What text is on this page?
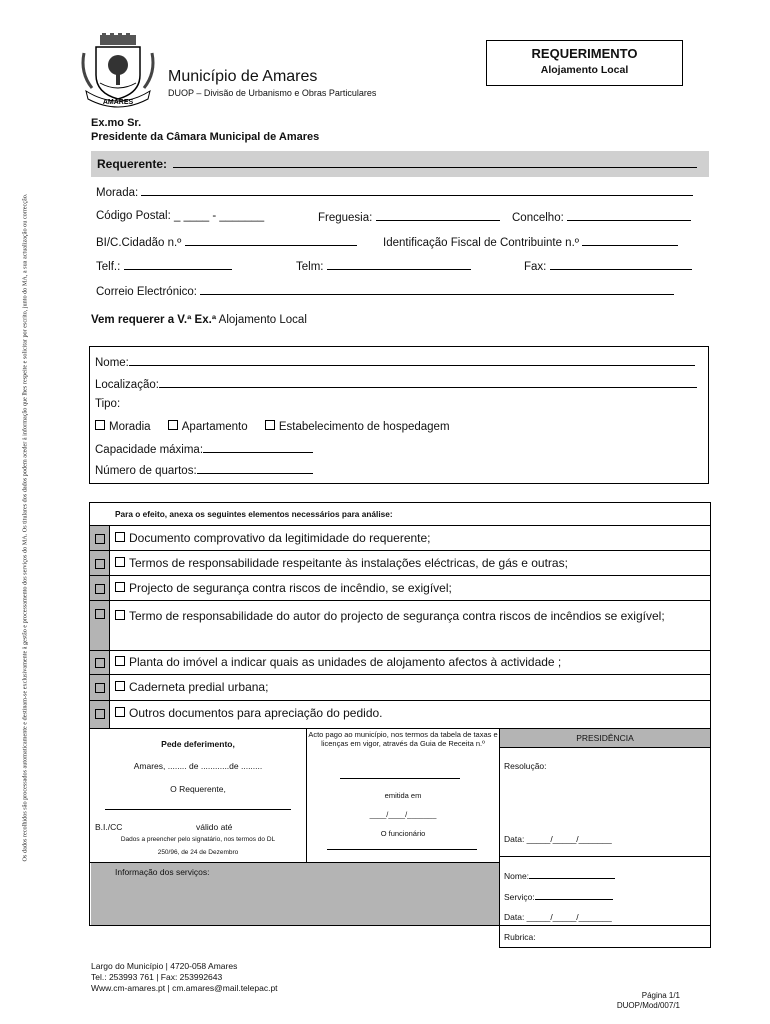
Os dados recolhidos são processados automaticamente e destinam-se exclusivamente à gestão e processamento dos serviços do MA. Os titulares dos dados podem aceder à informação que lhes respeite e solicitar por escrito, junto do MA, a sua actualização ou correcção.
AMARES
Município de Amares
DUOP – Divisão de Urbanismo e Obras Particulares
REQUERIMENTO
Alojamento Local
Ex.mo Sr.
Presidente da Câmara Municipal de Amares
Requerente:
Morada:
Código Postal: _ ____ - _______	Freguesia:	Concelho:
BI/C.Cidadão n.º	Identificação Fiscal de Contribuinte n.º
Telf.:	Telm:	Fax:
Correio Electrónico:
Vem requerer a V.ª Ex.ª Alojamento Local
Nome:
Localização:
Tipo:
Moradia	Apartamento	Estabelecimento de hospedagem
Capacidade máxima:
Número de quartos:
Para o efeito, anexa os seguintes elementos necessários para análise:
Documento comprovativo da legitimidade do requerente;
Termos de responsabilidade respeitante às instalações eléctricas, de gás e outras;
Projecto de segurança contra riscos de incêndio, se exigível;
Termo de responsabilidade do autor do projecto de segurança contra riscos de incêndios se exigível;
Planta do imóvel a indicar quais as unidades de alojamento afectos à actividade ;
Caderneta predial urbana;
Outros documentos para apreciação do pedido.
PRESIDÊNCIA
Pede deferimento,
Amares, ........ de ............de .........
O Requerente,
B.I./CC	válido até
Dados a preencher pelo signatário, nos termos do DL
250/96, de 24 de Dezembro
Acto pago ao município, nos termos da tabela de taxas e licenças em vigor, através da Guia de Receita n.º
emitida em
____/____/_______
O funcionário
Resolução:
Data: _____/_____/_______
Informação dos serviços:	Nome:
Serviço:
Data: _____/_____/_______
Rubrica:
Largo do Município | 4720-058 Amares
Tel.: 253993 761 | Fax: 253992643
Www.cm-amares.pt | cm.amares@mail.telepac.pt
Página 1/1
DUOP/Mod/007/1
